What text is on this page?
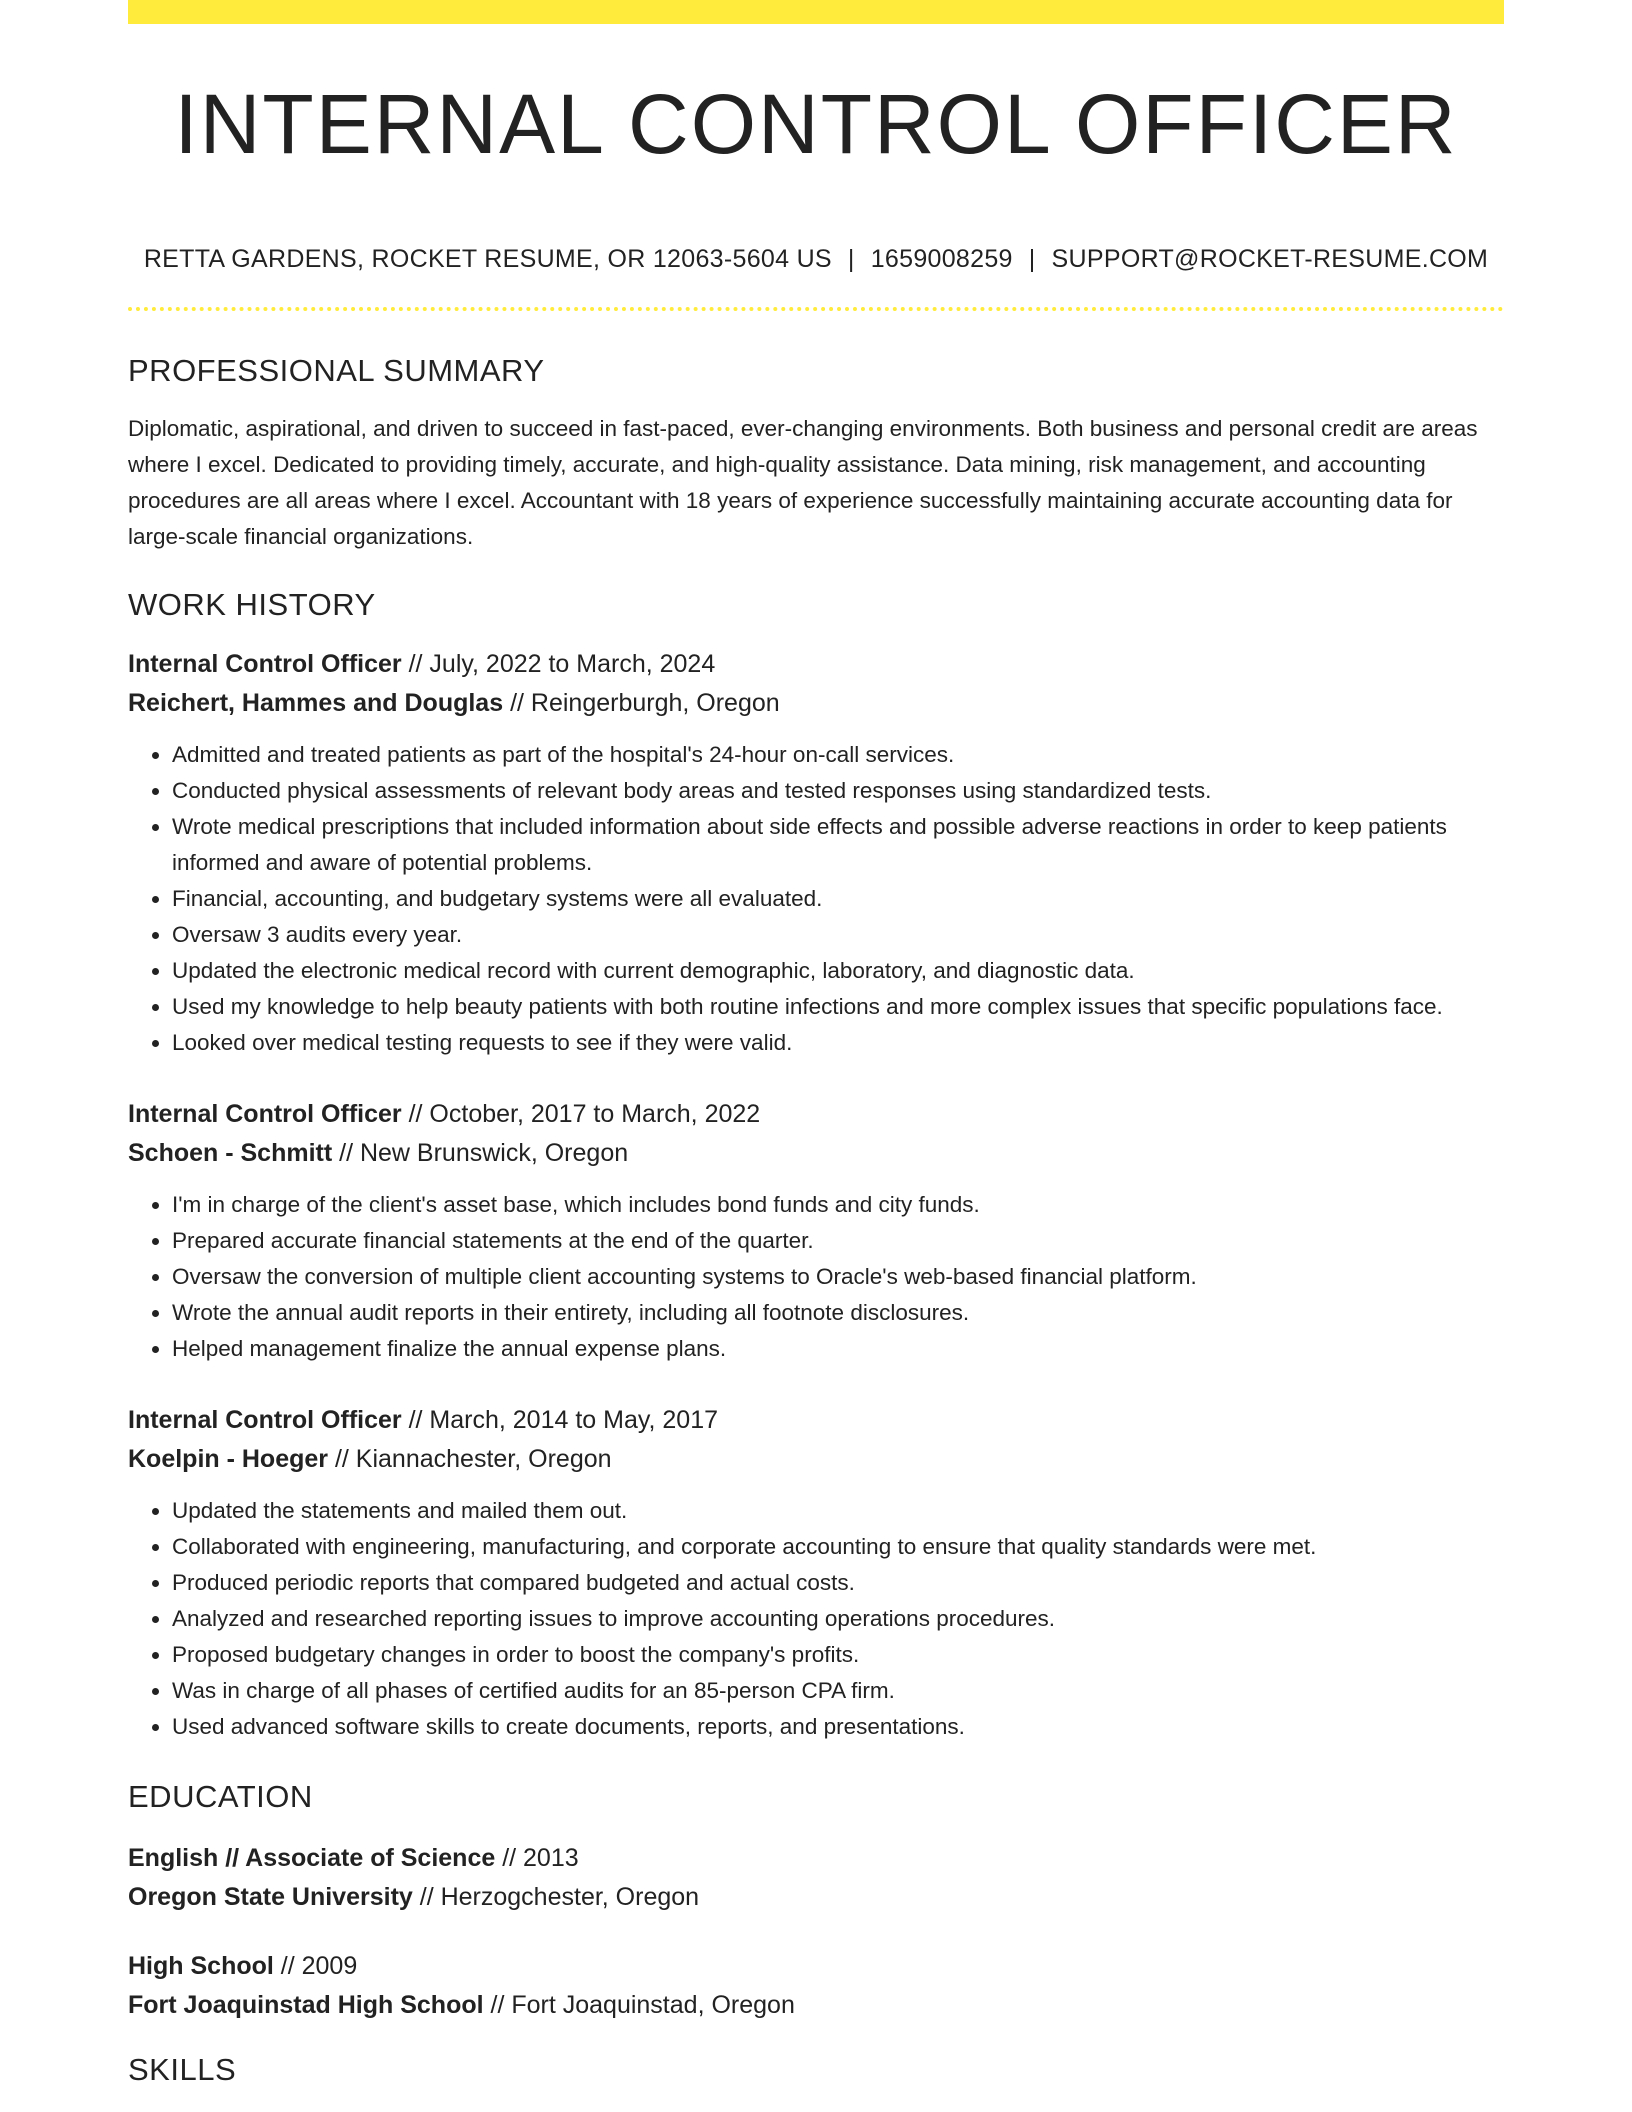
INTERNAL CONTROL OFFICER
RETTA GARDENS, ROCKET RESUME, OR 12063-5604 US | 1659008259 | SUPPORT@ROCKET-RESUME.COM
PROFESSIONAL SUMMARY
Diplomatic, aspirational, and driven to succeed in fast-paced, ever-changing environments. Both business and personal credit are areas where I excel. Dedicated to providing timely, accurate, and high-quality assistance. Data mining, risk management, and accounting procedures are all areas where I excel. Accountant with 18 years of experience successfully maintaining accurate accounting data for large-scale financial organizations.
WORK HISTORY
Internal Control Officer // July, 2022 to March, 2024
Reichert, Hammes and Douglas // Reingerburgh, Oregon
• Admitted and treated patients as part of the hospital's 24-hour on-call services.
• Conducted physical assessments of relevant body areas and tested responses using standardized tests.
• Wrote medical prescriptions that included information about side effects and possible adverse reactions in order to keep patients informed and aware of potential problems.
• Financial, accounting, and budgetary systems were all evaluated.
• Oversaw 3 audits every year.
• Updated the electronic medical record with current demographic, laboratory, and diagnostic data.
• Used my knowledge to help beauty patients with both routine infections and more complex issues that specific populations face.
• Looked over medical testing requests to see if they were valid.
Internal Control Officer // October, 2017 to March, 2022
Schoen - Schmitt // New Brunswick, Oregon
• I'm in charge of the client's asset base, which includes bond funds and city funds.
• Prepared accurate financial statements at the end of the quarter.
• Oversaw the conversion of multiple client accounting systems to Oracle's web-based financial platform.
• Wrote the annual audit reports in their entirety, including all footnote disclosures.
• Helped management finalize the annual expense plans.
Internal Control Officer // March, 2014 to May, 2017
Koelpin - Hoeger // Kiannachester, Oregon
• Updated the statements and mailed them out.
• Collaborated with engineering, manufacturing, and corporate accounting to ensure that quality standards were met.
• Produced periodic reports that compared budgeted and actual costs.
• Analyzed and researched reporting issues to improve accounting operations procedures.
• Proposed budgetary changes in order to boost the company's profits.
• Was in charge of all phases of certified audits for an 85-person CPA firm.
• Used advanced software skills to create documents, reports, and presentations.
EDUCATION
English // Associate of Science // 2013
Oregon State University // Herzogchester, Oregon
High School // 2009
Fort Joaquinstad High School // Fort Joaquinstad, Oregon
SKILLS
